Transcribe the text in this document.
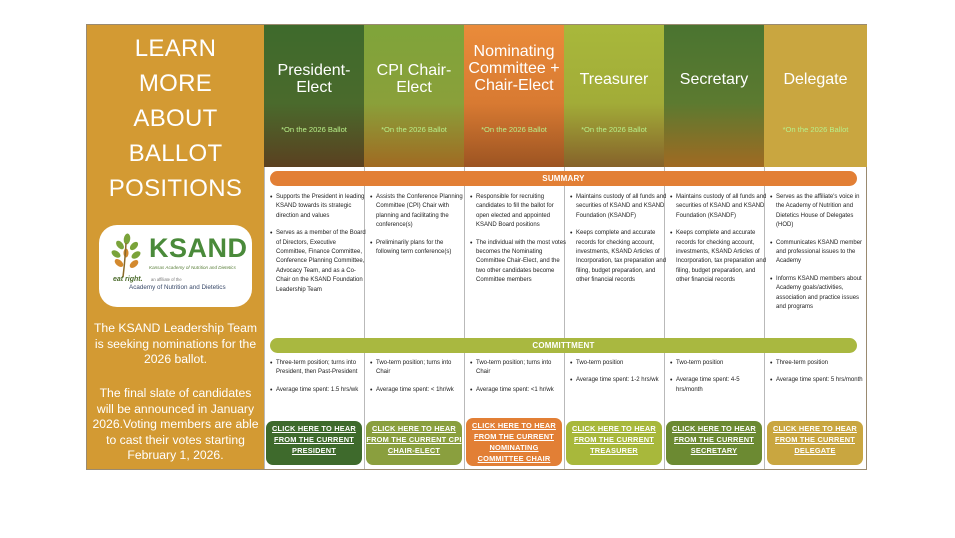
LEARN
MORE
ABOUT
BALLOT
POSITIONS
KSAND
Kansas Academy of Nutrition and Dietetics
eat right. an affiliate of the
Academy of Nutrition and Dietetics
The KSAND Leadership Team is seeking nominations for the 2026 ballot.
The final slate of candidates will be announced in January 2026.Voting members are able to cast their votes starting February 1, 2026.
President-Elect
*On the 2026 Ballot
CPI Chair-Elect
*On the 2026 Ballot
Nominating Committee + Chair-Elect
*On the 2026 Ballot
Treasurer
*On the 2026 Ballot
Secretary	Delegate
*On the 2026 Ballot
SUMMARY
• Supports the President in leading KSAND towards its strategic direction and values
• Serves as a member of the Board of Directors, Executive Committee, Finance Committee, Conference Planning Committee, Advocacy Team, and as a Co-Chair on the KSAND Foundation Leadership Team
• Assists the Conference Planning Committee (CPI) Chair with planning and facilitating the conference(s)
• Preliminarily plans for the following term conference(s)
• Responsible for recruiting candidates to fill the ballot for open elected and appointed KSAND Board positions
• The individual with the most votes becomes the Nominating Committee Chair-Elect, and the two other candidates become Committee members
• Maintains custody of all funds and securities of KSAND and KSAND Foundation (KSANDF)
• Keeps complete and accurate records for checking account, investments, KSAND Articles of Incorporation, tax preparation and filing, budget preparation, and other financial records
• Maintains custody of all funds and securities of KSAND and KSAND Foundation (KSANDF)
• Keeps complete and accurate records for checking account, investments, KSAND Articles of Incorporation, tax preparation and filing, budget preparation, and other financial records
• Serves as the affiliate's voice in the Academy of Nutrition and Dietetics House of Delegates (HOD)
• Communicates KSAND member and professional issues to the Academy
• Informs KSAND members about Academy goals/activities, association and practice issues and programs
COMMITTMENT
• Three-term position; turns into President, then Past-President
• Average time spent: 1.5 hrs/wk
• Two-term position; turns into Chair
• Average time spent: < 1hr/wk
• Two-term position; turns into Chair
• Average time spent: <1 hr/wk
• Two-term position
• Average time spent: 1-2 hrs/wk
• Two-term position
• Average time spent: 4-5 hrs/month
• Three-term position
• Average time spent: 5 hrs/month
CLICK HERE TO HEAR FROM THE CURRENT PRESIDENT
CLICK HERE TO HEAR FROM THE CURRENT CPI CHAIR-ELECT
CLICK HERE TO HEAR FROM THE CURRENT NOMINATING COMMITTEE CHAIR
CLICK HERE TO HEAR FROM THE CURRENT TREASURER
CLICK HERE TO HEAR FROM THE CURRENT SECRETARY
CLICK HERE TO HEAR FROM THE CURRENT DELEGATE
